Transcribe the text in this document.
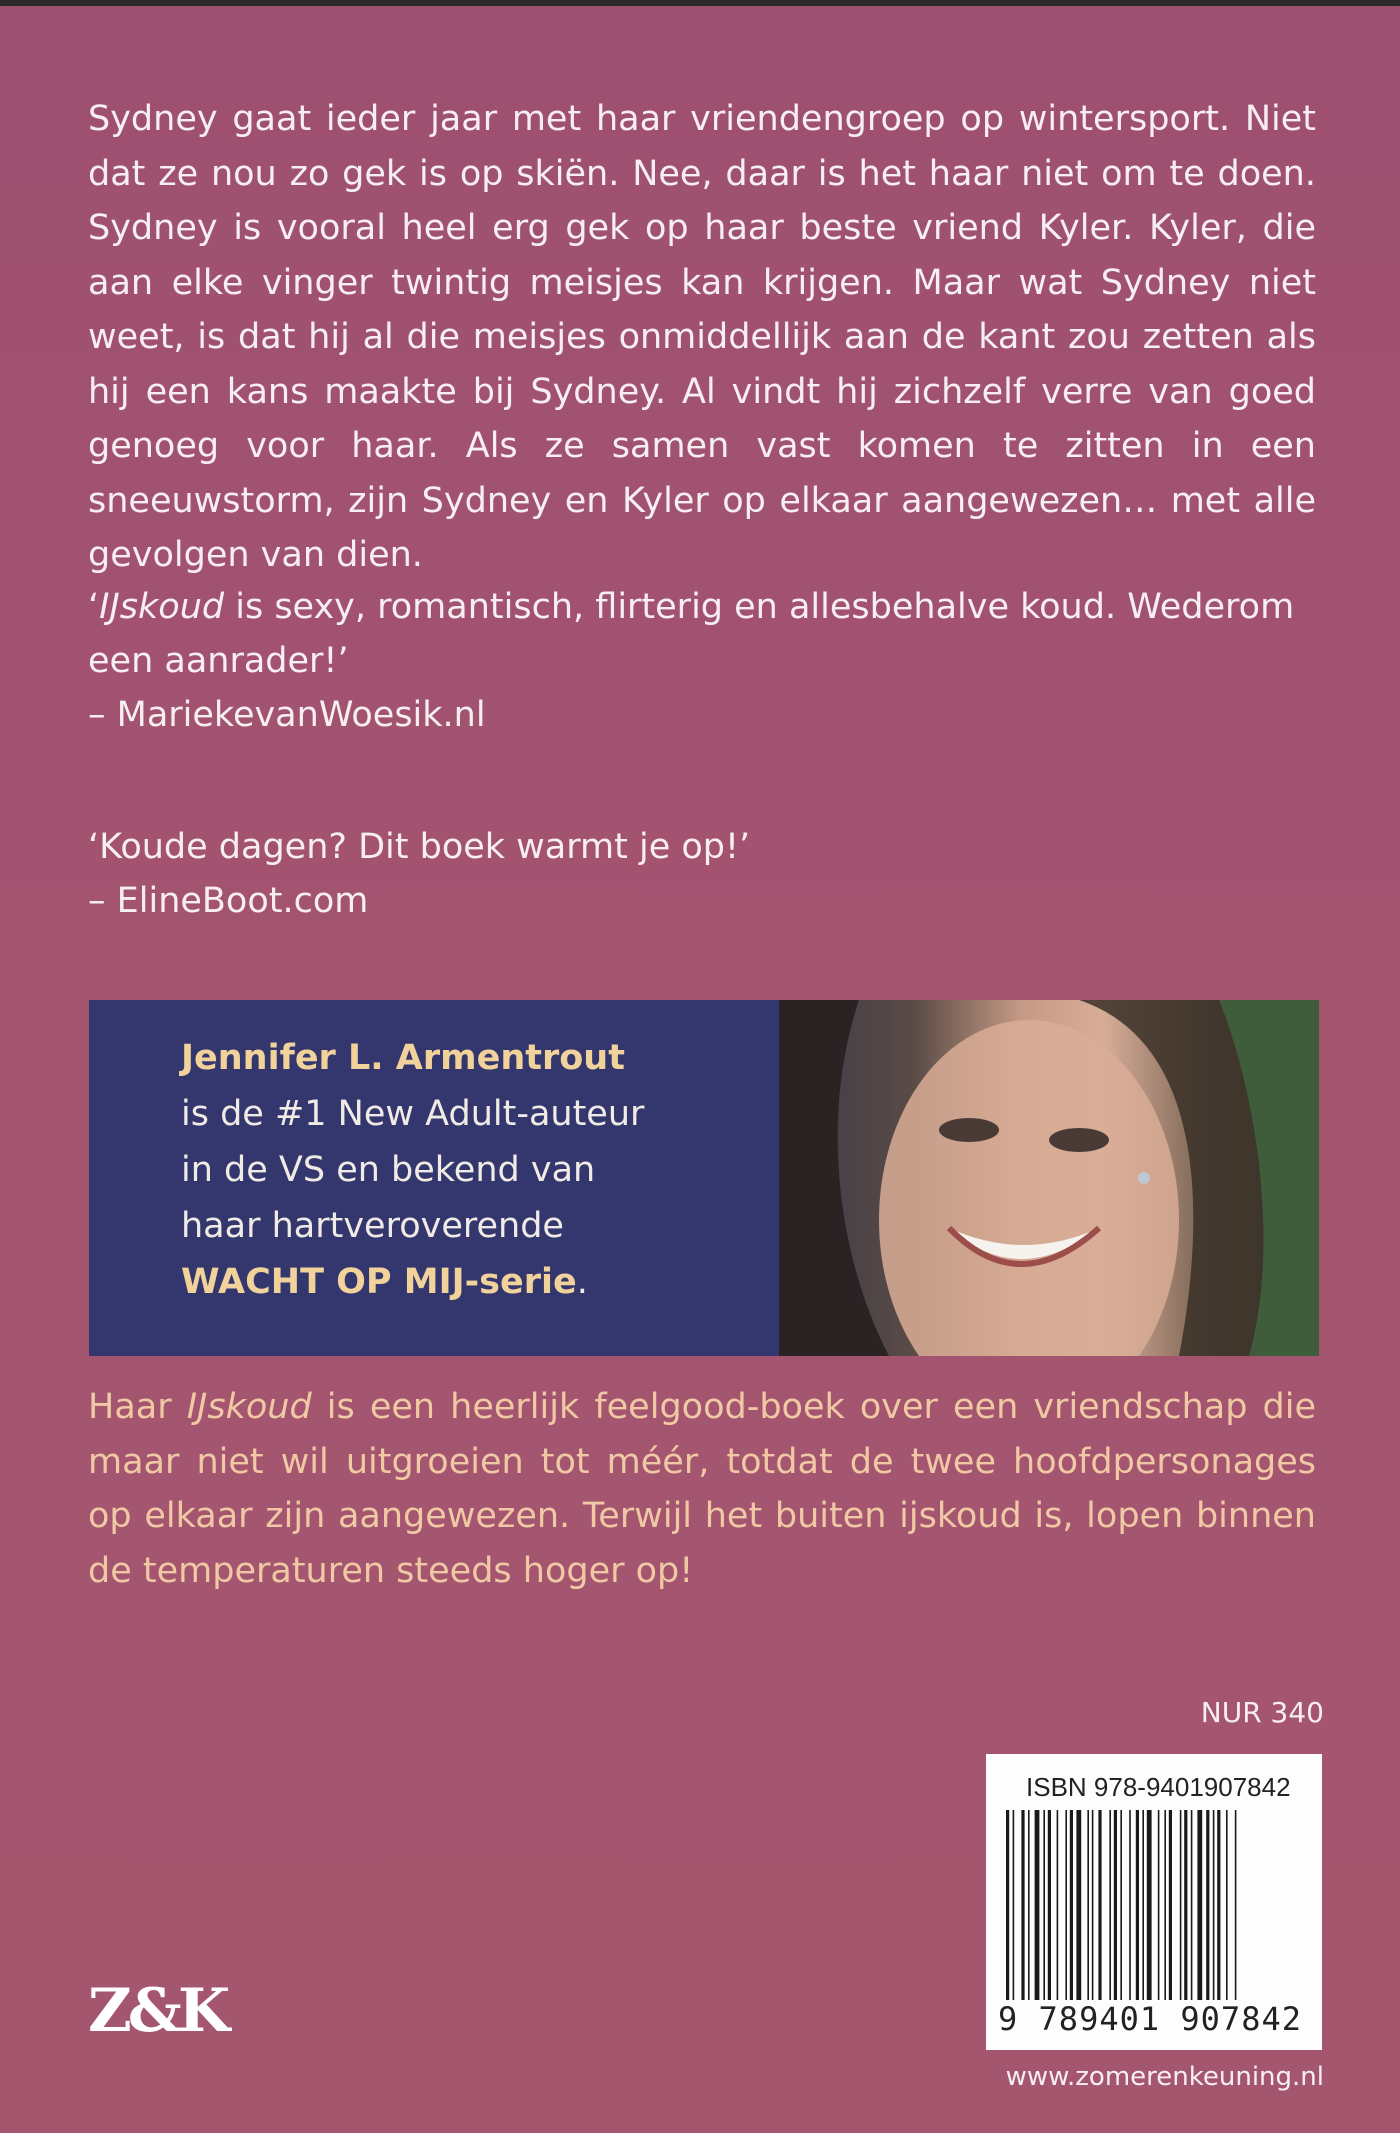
Sydney gaat ieder jaar met haar vriendengroep op wintersport. Niet dat ze nou zo gek is op skiën. Nee, daar is het haar niet om te doen. Sydney is vooral heel erg gek op haar beste vriend Kyler. Kyler, die aan elke vinger twintig meisjes kan krijgen. Maar wat Sydney niet weet, is dat hij al die meisjes onmiddellijk aan de kant zou zetten als hij een kans maakte bij Sydney. Al vindt hij zichzelf verre van goed genoeg voor haar. Als ze samen vast komen te zitten in een sneeuwstorm, zijn Sydney en Kyler op elkaar aangewezen… met alle gevolgen van dien.

‘IJskoud is sexy, romantisch, flirterig en allesbehalve koud. Wederom een aanrader!’
– MariekevanWoesik.nl

‘Koude dagen? Dit boek warmt je op!’
– ElineBoot.com

Jennifer L. Armentrout
is de #1 New Adult-auteur
in de VS en bekend van
haar hartveroverende
WACHT OP MIJ-serie.

Haar IJskoud is een heerlijk feelgood-boek over een vriendschap die maar niet wil uitgroeien tot méér, totdat de twee hoofdpersonages op elkaar zijn aangewezen. Terwijl het buiten ijskoud is, lopen binnen de temperaturen steeds hoger op!

NUR 340
ISBN 978-9401907842
9 789401 907842
Z&K
www.zomerenkeuning.nl
